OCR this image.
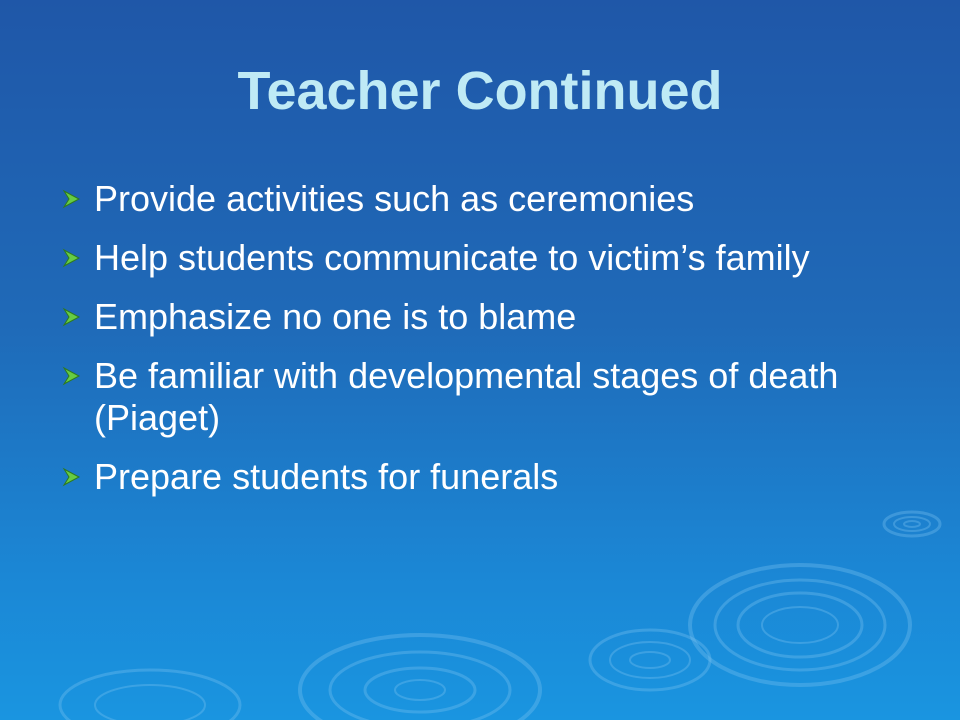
Teacher Continued
Provide activities such as ceremonies
Help students communicate to victim’s family
Emphasize no one is to blame
Be familiar with developmental stages of death (Piaget)
Prepare students for funerals
